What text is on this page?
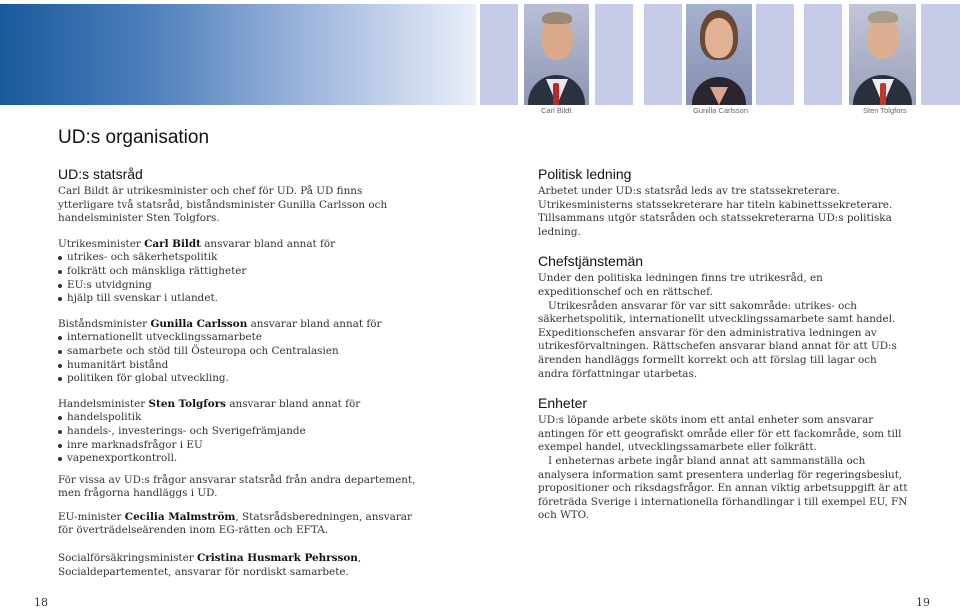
Carl Bildt	Gunilla Carlsson	Sten Tolgfors
UD:s organisation
UD:s statsråd

Carl Bildt är utrikesminister och chef för UD. På UD finns ytterligare två statsråd, biståndsminister Gunilla Carlsson och handelsminister Sten Tolgfors.

Utrikesminister Carl Bildt ansvarar bland annat för
utrikes- och säkerhetspolitik
folkrätt och mänskliga rättigheter
EU:s utvidgning
hjälp till svenskar i utlandet.
Biståndsminister Gunilla Carlsson ansvarar bland annat för
internationellt utvecklingssamarbete
samarbete och stöd till Östeuropa och Centralasien
humanitärt bistånd
politiken för global utveckling.
Handelsminister Sten Tolgfors ansvarar bland annat för
handelspolitik
handels-, investerings- och Sverigefrämjande
inre marknadsfrågor i EU
vapenexportkontroll.

För vissa av UD:s frågor ansvarar statsråd från andra departement, men frågorna handläggs i UD.

EU-minister Cecilia Malmström, Statsrådsberedningen, ansvarar för överträdelseärenden inom EG-rätten och EFTA.

Socialförsäkringsminister Cristina Husmark Pehrsson, Socialdepartementet, ansvarar för nordiskt samarbete.

Politisk ledning

Arbetet under UD:s statsråd leds av tre statssekreterare. Utrikesministerns statssekreterare har titeln kabinettssekreterare. Tillsammans utgör statsråden och statssekreterarna UD:s politiska ledning.

Chefstjänstemän

Under den politiska ledningen finns tre utrikesråd, en expeditionschef och en rättschef.

Utrikesråden ansvarar för var sitt sakområde: utrikes- och säkerhetspolitik, internationellt utvecklingssamarbete samt handel. Expeditionschefen ansvarar för den administrativa ledningen av utrikesförvaltningen. Rättschefen ansvarar bland annat för att UD:s ärenden handläggs formellt korrekt och att förslag till lagar och andra författningar utarbetas.

Enheter

UD:s löpande arbete sköts inom ett antal enheter som ansvarar antingen för ett geografiskt område eller för ett fackområde, som till exempel handel, utvecklingssamarbete eller folkrätt.

I enheternas arbete ingår bland annat att sammanställa och analysera information samt presentera underlag för regeringsbeslut, propositioner och riksdagsfrågor. En annan viktig arbetsuppgift är att företräda Sverige i internationella förhandlingar i till exempel EU, FN och WTO.

18	19
